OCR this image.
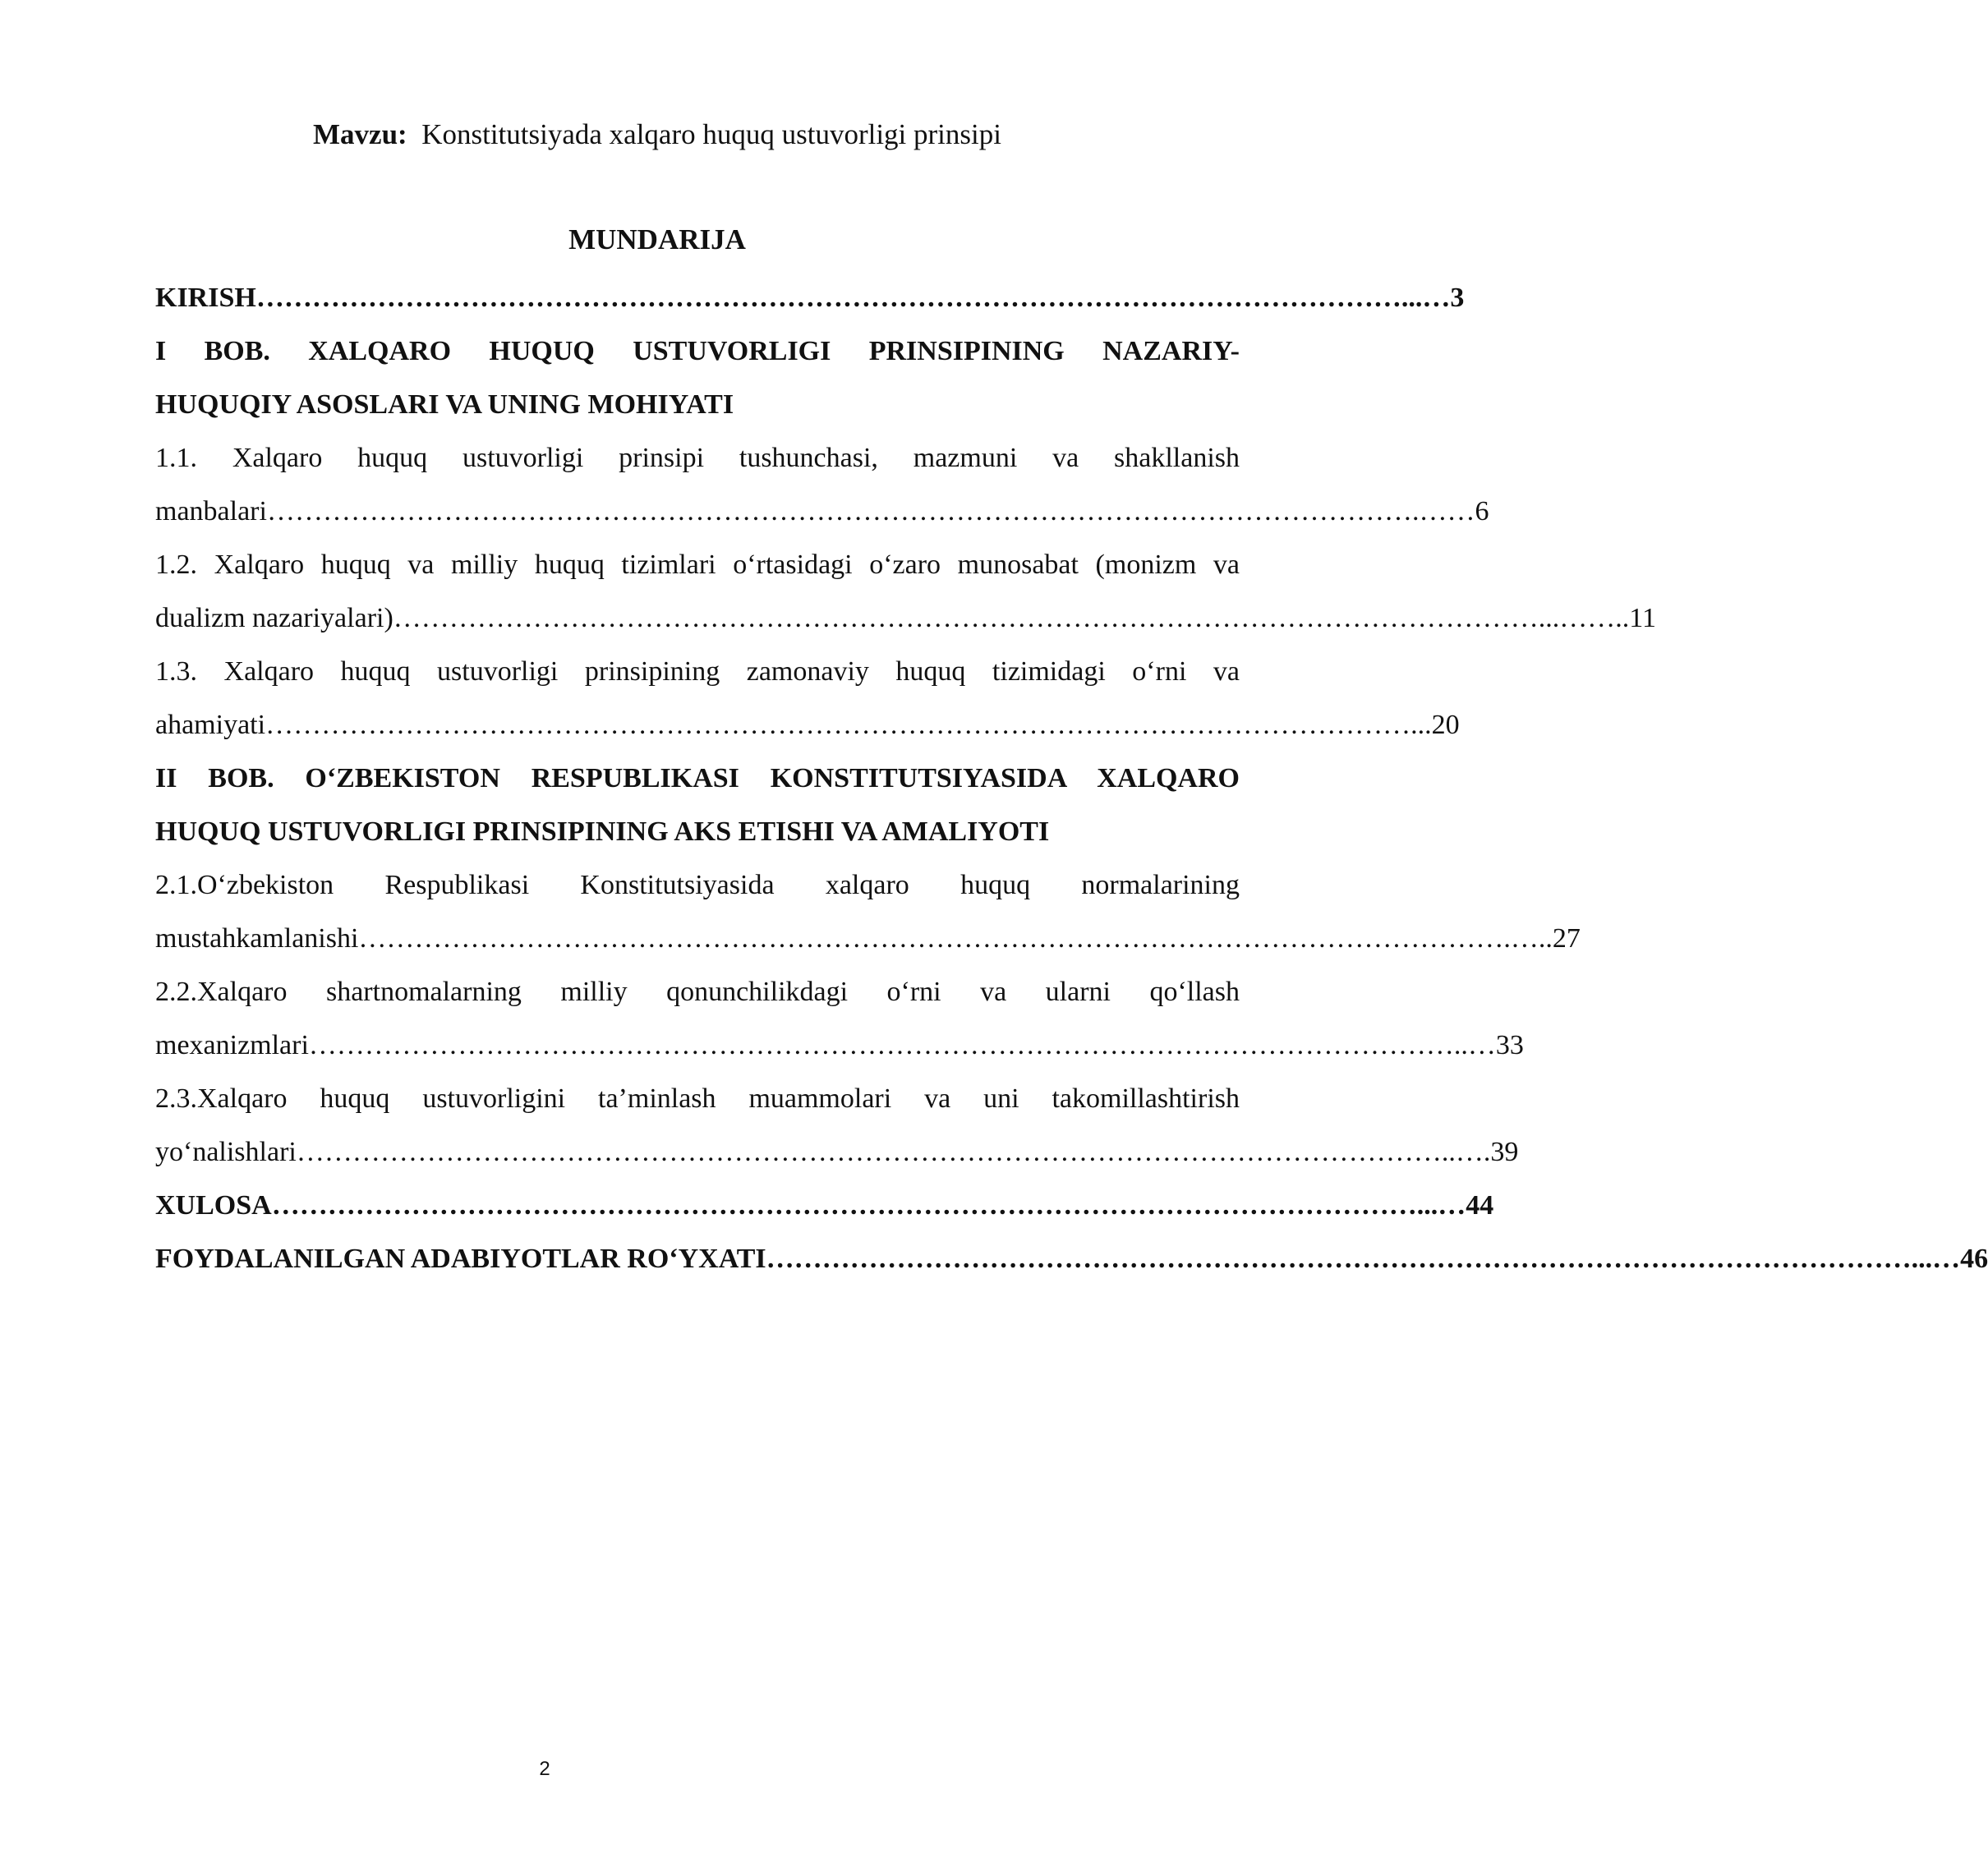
Mavzu: Konstitutsiyada xalqaro huquq ustuvorligi prinsipi
MUNDARIJA
KIRISH …………………………………………………………………………………………………………… ...…3
I BOB. XALQARO HUQUQ USTUVORLIGI PRINSIPINING NAZARIY-
HUQUQIY ASOSLARI VA UNING MOHIYATI
1.1. Xalqaro huquq ustuvorligi prinsipi tushunchasi, mazmuni va shakllanish
manbalari …………………………………………………………………………………………………………… .……6
1.2. Xalqaro huquq va milliy huquq tizimlari o‘rtasidagi o‘zaro munosabat (monizm va
dualizm nazariyalari) …………………………………………………………………………………………………………… ...……..11
1.3. Xalqaro huquq ustuvorligi prinsipining zamonaviy huquq tizimidagi o‘rni va
ahamiyati …………………………………………………………………………………………………………… ...20
II BOB. O‘ZBEKISTON RESPUBLIKASI KONSTITUTSIYASIDA XALQARO
HUQUQ USTUVORLIGI PRINSIPINING AKS ETISHI VA AMALIYOTI
2.1.O‘zbekiston Respublikasi Konstitutsiyasida xalqaro huquq normalarining
mustahkamlanishi …………………………………………………………………………………………………………… .…..27
2.2.Xalqaro shartnomalarning milliy qonunchilikdagi o‘rni va ularni qo‘llash
mexanizmlari …………………………………………………………………………………………………………… ..…33
2.3.Xalqaro huquq ustuvorligini ta’minlash muammolari va uni takomillashtirish
yo‘nalishlari …………………………………………………………………………………………………………… ..….39
XULOSA …………………………………………………………………………………………………………… ...…44
FOYDALANILGAN ADABIYOTLAR RO‘YXATI …………………………………………………………………………………………………………… ...…46
2
